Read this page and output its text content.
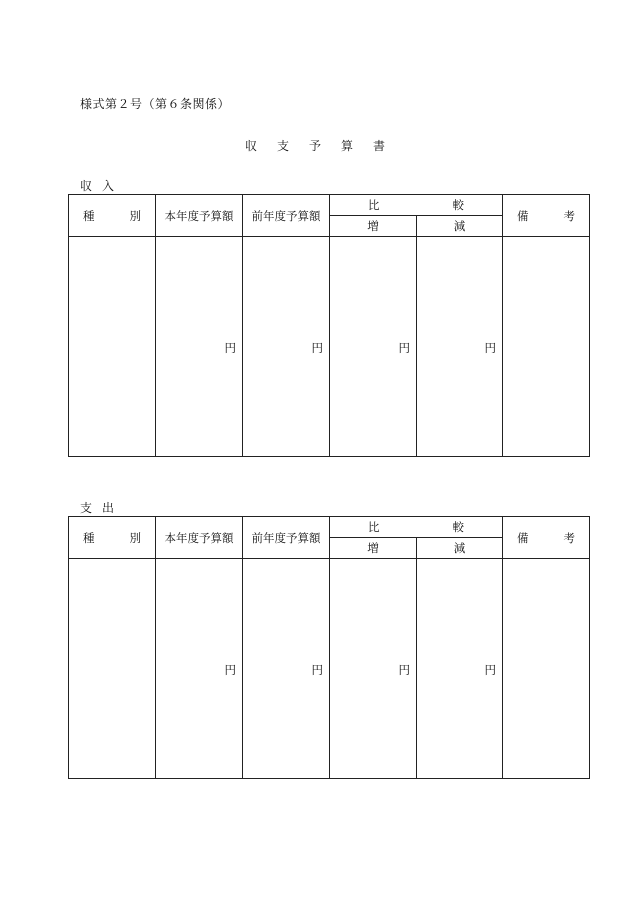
様式第２号（第６条関係）
収 支 予 算 書
収 入
種 別	本年度予算額	前年度予算額	比 較		備 考

			増	減	

	円	円	円	円	

支 出
種 別	本年度予算額	前年度予算額	比 較		備 考

			増	減	

	円	円	円	円	
